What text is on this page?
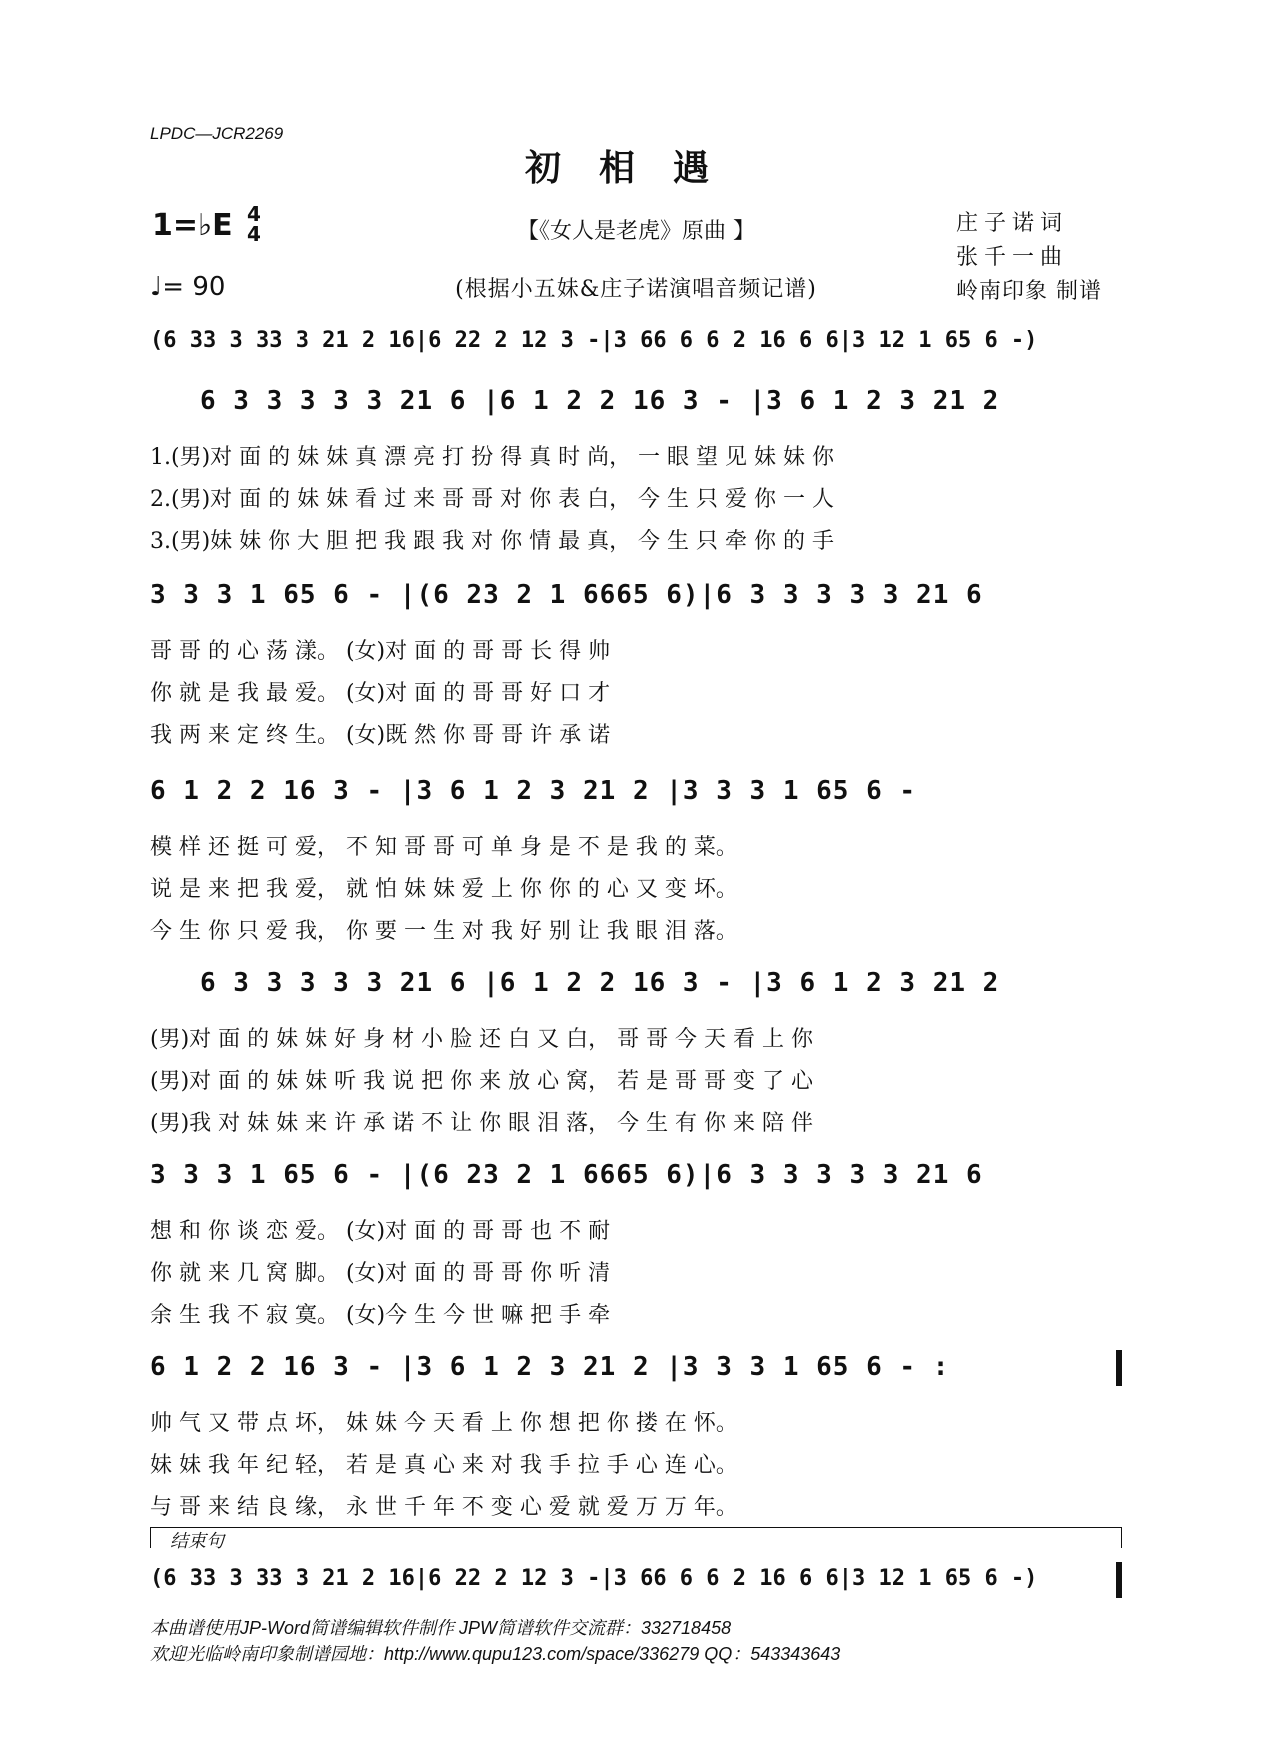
LPDC—JCR2269
初相遇
1=♭E 4
4
♩= 90
【《女人是老虎》原曲 】
(根据小五妹&庄子诺演唱音频记谱)
庄子诺词
张千一曲
岭南印象 制谱
(6 33 3 33 3 21 2 16|6 22 2 12 3 -|3 66 6 6 2 16 6 6|3 12 1 65 6 -)
6 3 3 3 3 3 21 6 |6 1 2 2 16 3 - |3 6 1 2 3 21 2
1.(男)对 面 的 妹 妹 真 漂 亮 打 扮 得 真 时 尚， 一 眼 望 见 妹 妹 你
2.(男)对 面 的 妹 妹 看 过 来 哥 哥 对 你 表 白， 今 生 只 爱 你 一 人
3.(男)妹 妹 你 大 胆 把 我 跟 我 对 你 情 最 真， 今 生 只 牵 你 的 手
3 3 3 1 65 6 - |(6 23 2 1 6665 6)|6 3 3 3 3 3 21 6
哥 哥 的 心 荡 漾。 (女)对 面 的 哥 哥 长 得 帅
你 就 是 我 最 爱。 (女)对 面 的 哥 哥 好 口 才
我 两 来 定 终 生。 (女)既 然 你 哥 哥 许 承 诺
6 1 2 2 16 3 - |3 6 1 2 3 21 2 |3 3 3 1 65 6 -
模 样 还 挺 可 爱， 不 知 哥 哥 可 单 身 是 不 是 我 的 菜。
说 是 来 把 我 爱， 就 怕 妹 妹 爱 上 你 你 的 心 又 变 坏。
今 生 你 只 爱 我， 你 要 一 生 对 我 好 别 让 我 眼 泪 落。
6 3 3 3 3 3 21 6 |6 1 2 2 16 3 - |3 6 1 2 3 21 2
(男)对 面 的 妹 妹 好 身 材 小 脸 还 白 又 白， 哥 哥 今 天 看 上 你
(男)对 面 的 妹 妹 听 我 说 把 你 来 放 心 窝， 若 是 哥 哥 变 了 心
(男)我 对 妹 妹 来 许 承 诺 不 让 你 眼 泪 落， 今 生 有 你 来 陪 伴
3 3 3 1 65 6 - |(6 23 2 1 6665 6)|6 3 3 3 3 3 21 6
想 和 你 谈 恋 爱。 (女)对 面 的 哥 哥 也 不 耐
你 就 来 几 窝 脚。 (女)对 面 的 哥 哥 你 听 清
余 生 我 不 寂 寞。 (女)今 生 今 世 嘛 把 手 牵
6 1 2 2 16 3 - |3 6 1 2 3 21 2 |3 3 3 1 65 6 - :
帅 气 又 带 点 坏， 妹 妹 今 天 看 上 你 想 把 你 搂 在 怀。
妹 妹 我 年 纪 轻， 若 是 真 心 来 对 我 手 拉 手 心 连 心。
与 哥 来 结 良 缘， 永 世 千 年 不 变 心 爱 就 爱 万 万 年。
结束句
(6 33 3 33 3 21 2 16|6 22 2 12 3 -|3 66 6 6 2 16 6 6|3 12 1 65 6 -)
本曲谱使用JP-Word简谱编辑软件制作 JPW简谱软件交流群：332718458
欢迎光临岭南印象制谱园地：http://www.qupu123.com/space/336279 QQ：543343643
